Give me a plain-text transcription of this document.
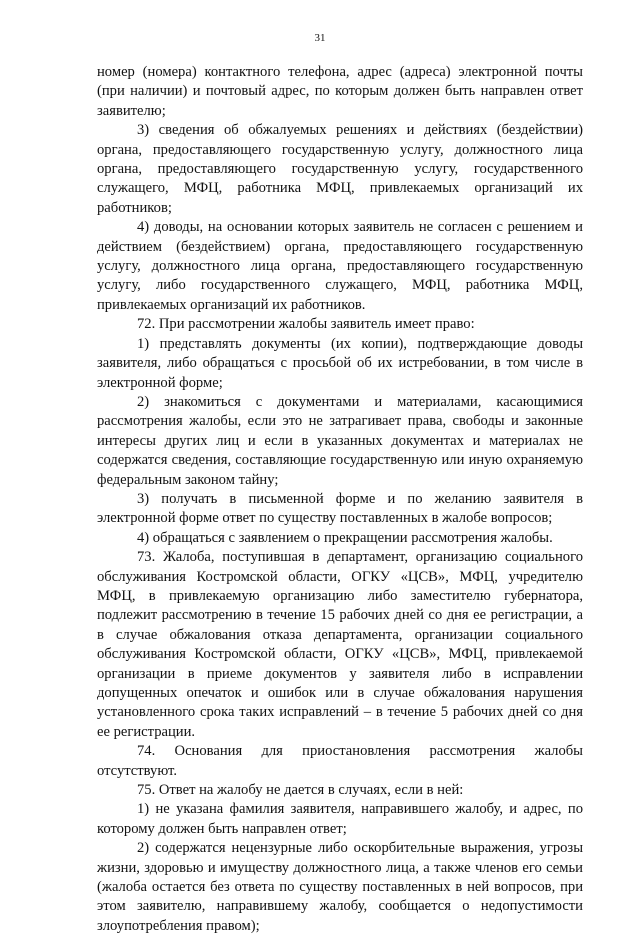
31

номер (номера) контактного телефона, адрес (адреса) электронной почты (при наличии) и почтовый адрес, по которым должен быть направлен ответ заявителю;

3) сведения об обжалуемых решениях и действиях (бездействии) органа, предоставляющего государственную услугу, должностного лица органа, предоставляющего государственную услугу, государственного служащего, МФЦ, работника МФЦ, привлекаемых организаций их работников;

4) доводы, на основании которых заявитель не согласен с решением и действием (бездействием) органа, предоставляющего государственную услугу, должностного лица органа, предоставляющего государственную услугу, либо государственного служащего, МФЦ, работника МФЦ, привлекаемых организаций их работников.

72. При рассмотрении жалобы заявитель имеет право:

1) представлять документы (их копии), подтверждающие доводы заявителя, либо обращаться с просьбой об их истребовании, в том числе в электронной форме;

2) знакомиться с документами и материалами, касающимися рассмотрения жалобы, если это не затрагивает права, свободы и законные интересы других лиц и если в указанных документах и материалах не содержатся сведения, составляющие государственную или иную охраняемую федеральным законом тайну;

3) получать в письменной форме и по желанию заявителя в электронной форме ответ по существу поставленных в жалобе вопросов;

4) обращаться с заявлением о прекращении рассмотрения жалобы.

73. Жалоба, поступившая в департамент, организацию социального обслуживания Костромской области, ОГКУ «ЦСВ», МФЦ, учредителю МФЦ, в привлекаемую организацию либо заместителю губернатора, подлежит рассмотрению в течение 15 рабочих дней со дня ее регистрации, а в случае обжалования отказа департамента, организации социального обслуживания Костромской области, ОГКУ «ЦСВ», МФЦ, привлекаемой организации в приеме документов у заявителя либо в исправлении допущенных опечаток и ошибок или в случае обжалования нарушения установленного срока таких исправлений – в течение 5 рабочих дней со дня ее регистрации.

74. Основания для приостановления рассмотрения жалобы отсутствуют.

75. Ответ на жалобу не дается в случаях, если в ней:

1) не указана фамилия заявителя, направившего жалобу, и адрес, по которому должен быть направлен ответ;

2) содержатся нецензурные либо оскорбительные выражения, угрозы жизни, здоровью и имуществу должностного лица, а также членов его семьи (жалоба остается без ответа по существу поставленных в ней вопросов, при этом заявителю, направившему жалобу, сообщается о недопустимости злоупотребления правом);
